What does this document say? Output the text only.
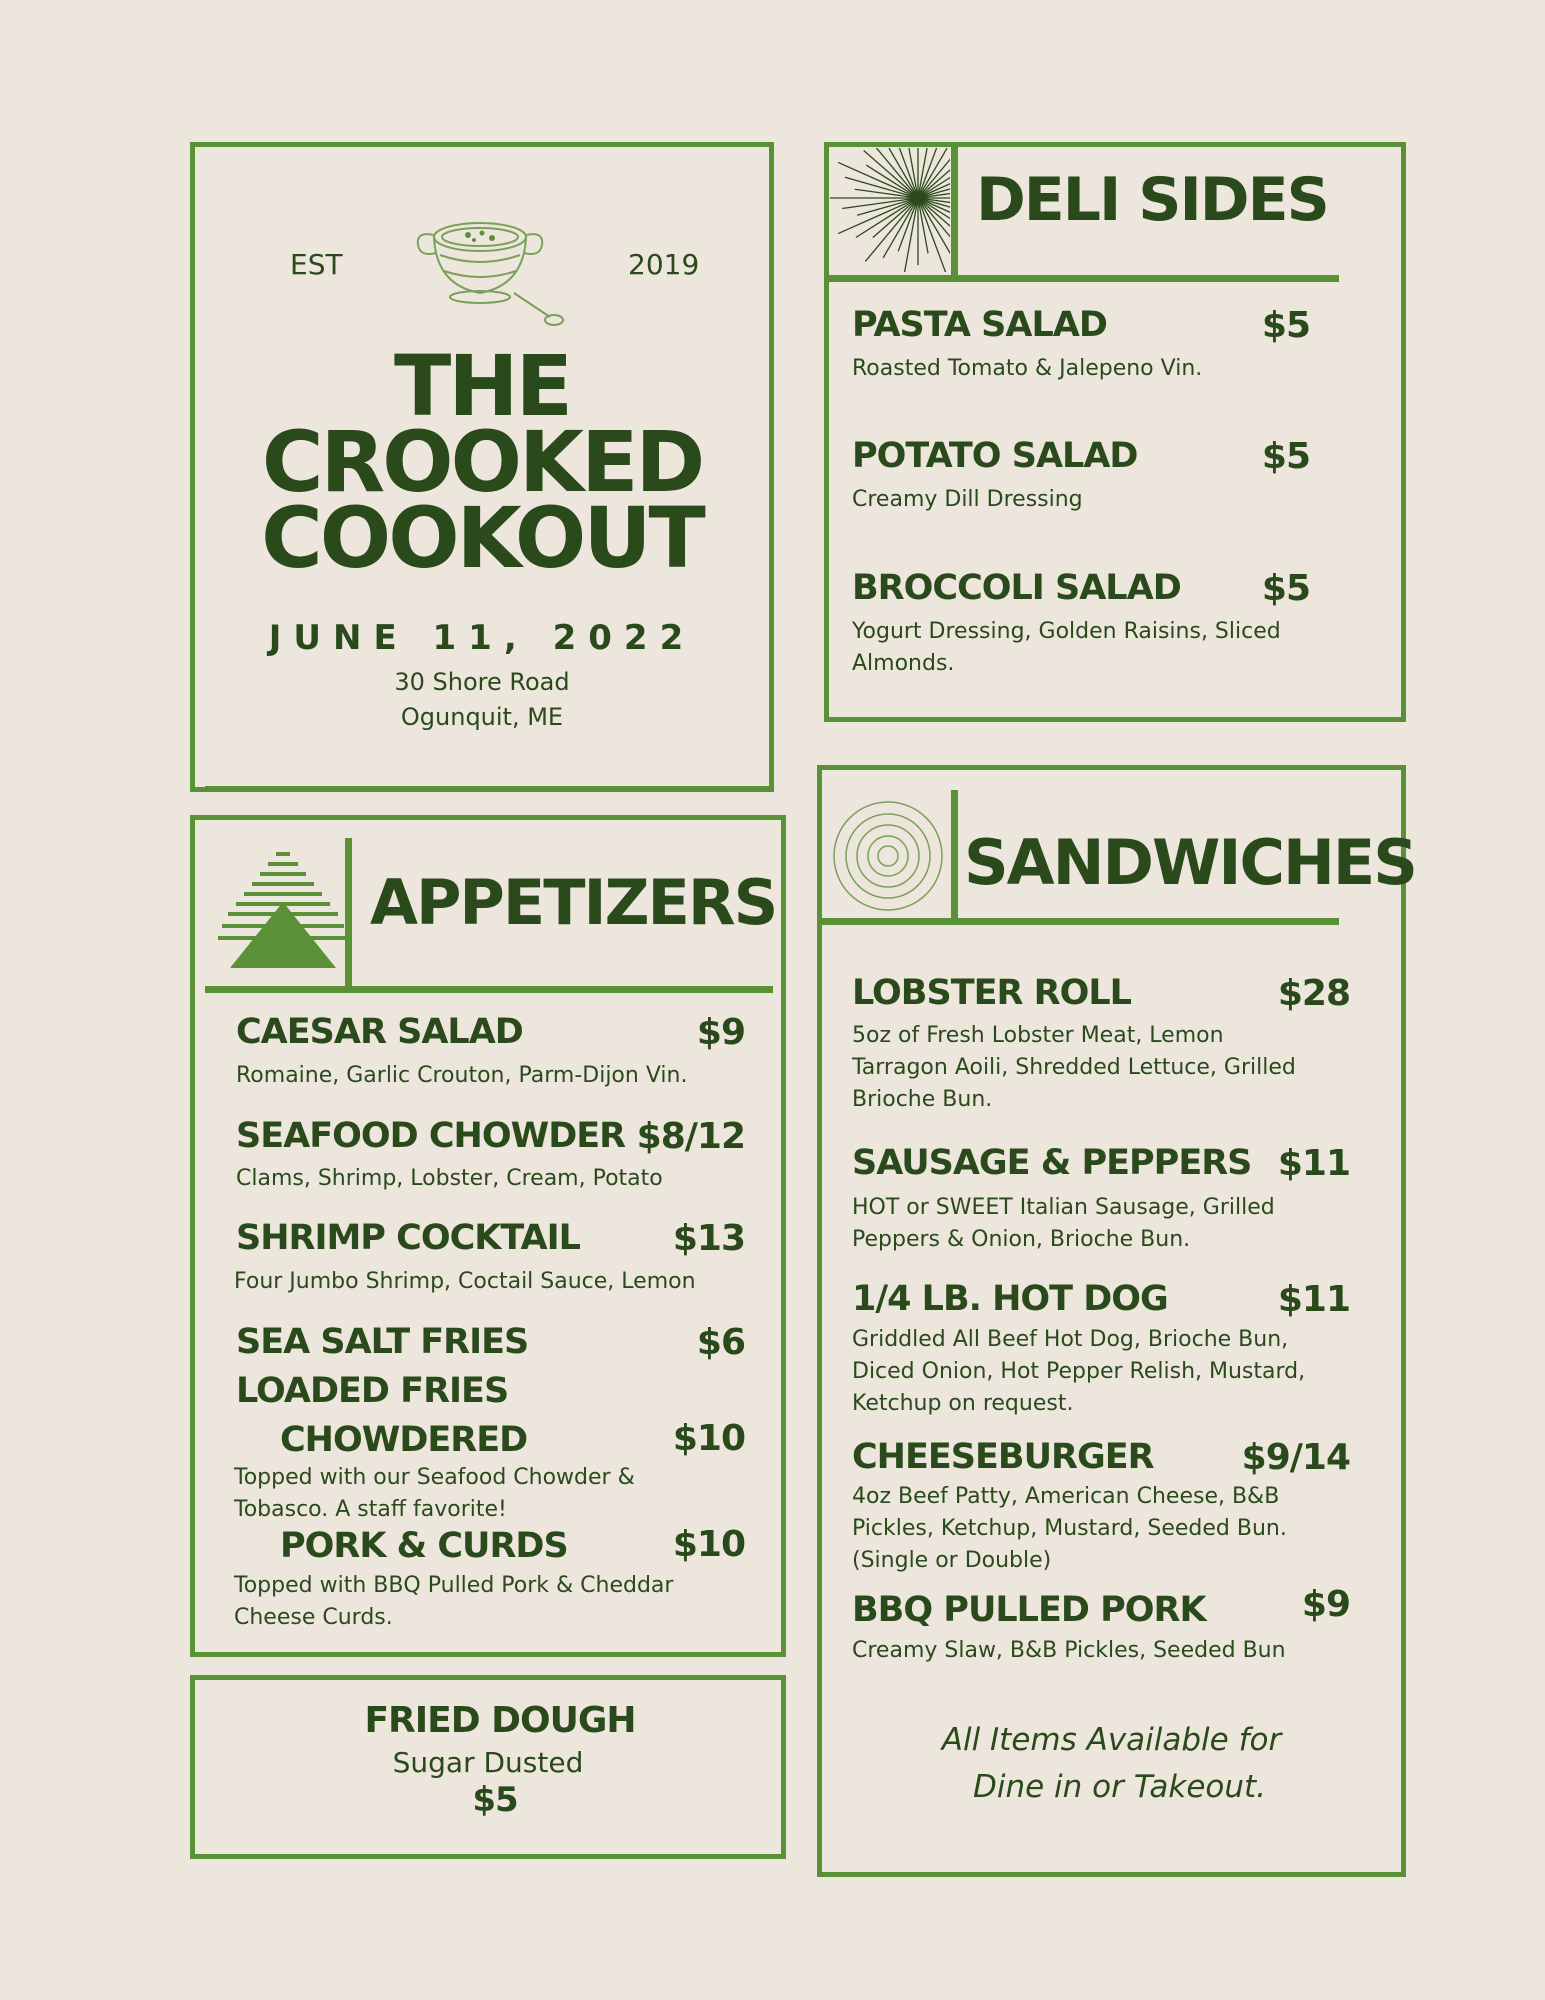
EST	2019
THE
CROOKED
COOKOUT
JUNE 11, 2022
30 Shore Road
Ogunquit, ME
DELI SIDES
PASTA SALAD	$5
Roasted Tomato & Jalepeno Vin.
POTATO SALAD	$5
Creamy Dill Dressing
BROCCOLI SALAD	$5
Yogurt Dressing, Golden Raisins, Sliced Almonds.
APPETIZERS
CAESAR SALAD	$9
Romaine, Garlic Crouton, Parm-Dijon Vin.
SEAFOOD CHOWDER $8/12
Clams, Shrimp, Lobster, Cream, Potato
SHRIMP COCKTAIL	$13
Four Jumbo Shrimp, Coctail Sauce, Lemon
SEA SALT FRIES	$6
LOADED FRIES
CHOWDERED	$10
Topped with our Seafood Chowder & Tobasco. A staff favorite!
PORK & CURDS	$10
Topped with BBQ Pulled Pork & Cheddar Cheese Curds.
FRIED DOUGH
Sugar Dusted
$5
SANDWICHES
LOBSTER ROLL	$28
5oz of Fresh Lobster Meat, Lemon Tarragon Aoili, Shredded Lettuce, Grilled Brioche Bun.
SAUSAGE & PEPPERS $11
HOT or SWEET Italian Sausage, Grilled Peppers & Onion, Brioche Bun.
1/4 LB. HOT DOG	$11
Griddled All Beef Hot Dog, Brioche Bun, Diced Onion, Hot Pepper Relish, Mustard, Ketchup on request.
CHEESEBURGER	$9/14
4oz Beef Patty, American Cheese, B&B Pickles, Ketchup, Mustard, Seeded Bun. (Single or Double)
BBQ PULLED PORK	$9
Creamy Slaw, B&B Pickles, Seeded Bun
All Items Available for
Dine in or Takeout.
